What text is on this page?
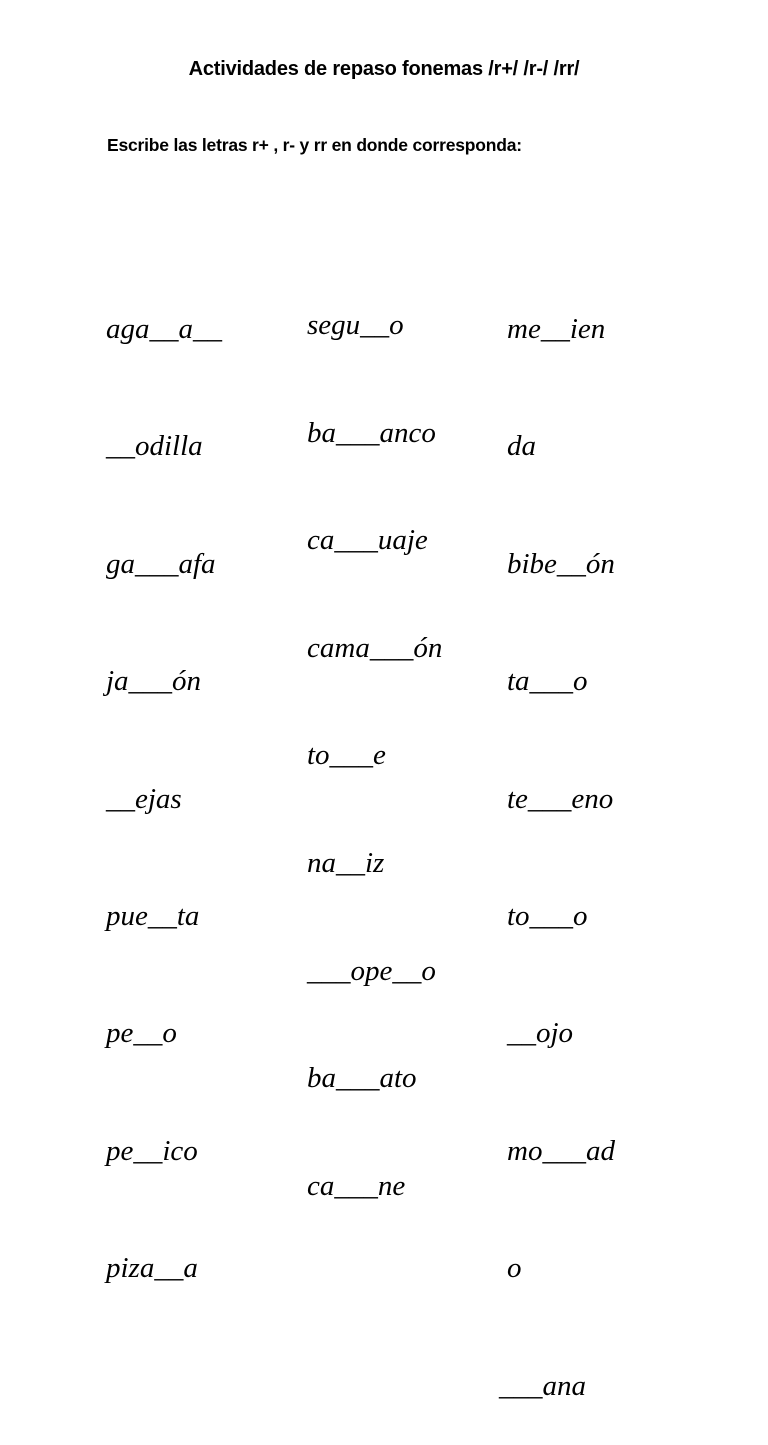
Actividades de repaso fonemas /r+/ /r-/ /rr/
Escribe las letras r+ , r- y rr en donde corresponda:

aga__a__

__odilla

ga___afa

ja___ón

__ejas

pue__ta

pe__o

pe__ico

piza__a

segu__o

ba___anco

ca___uaje

cama___ón

to___e

na__iz

___ope__o

ba___ato

ca___ne

me__ien

da

bibe__ón

ta___o

te___eno

to___o

__ojo

mo___ad

o

___ana
